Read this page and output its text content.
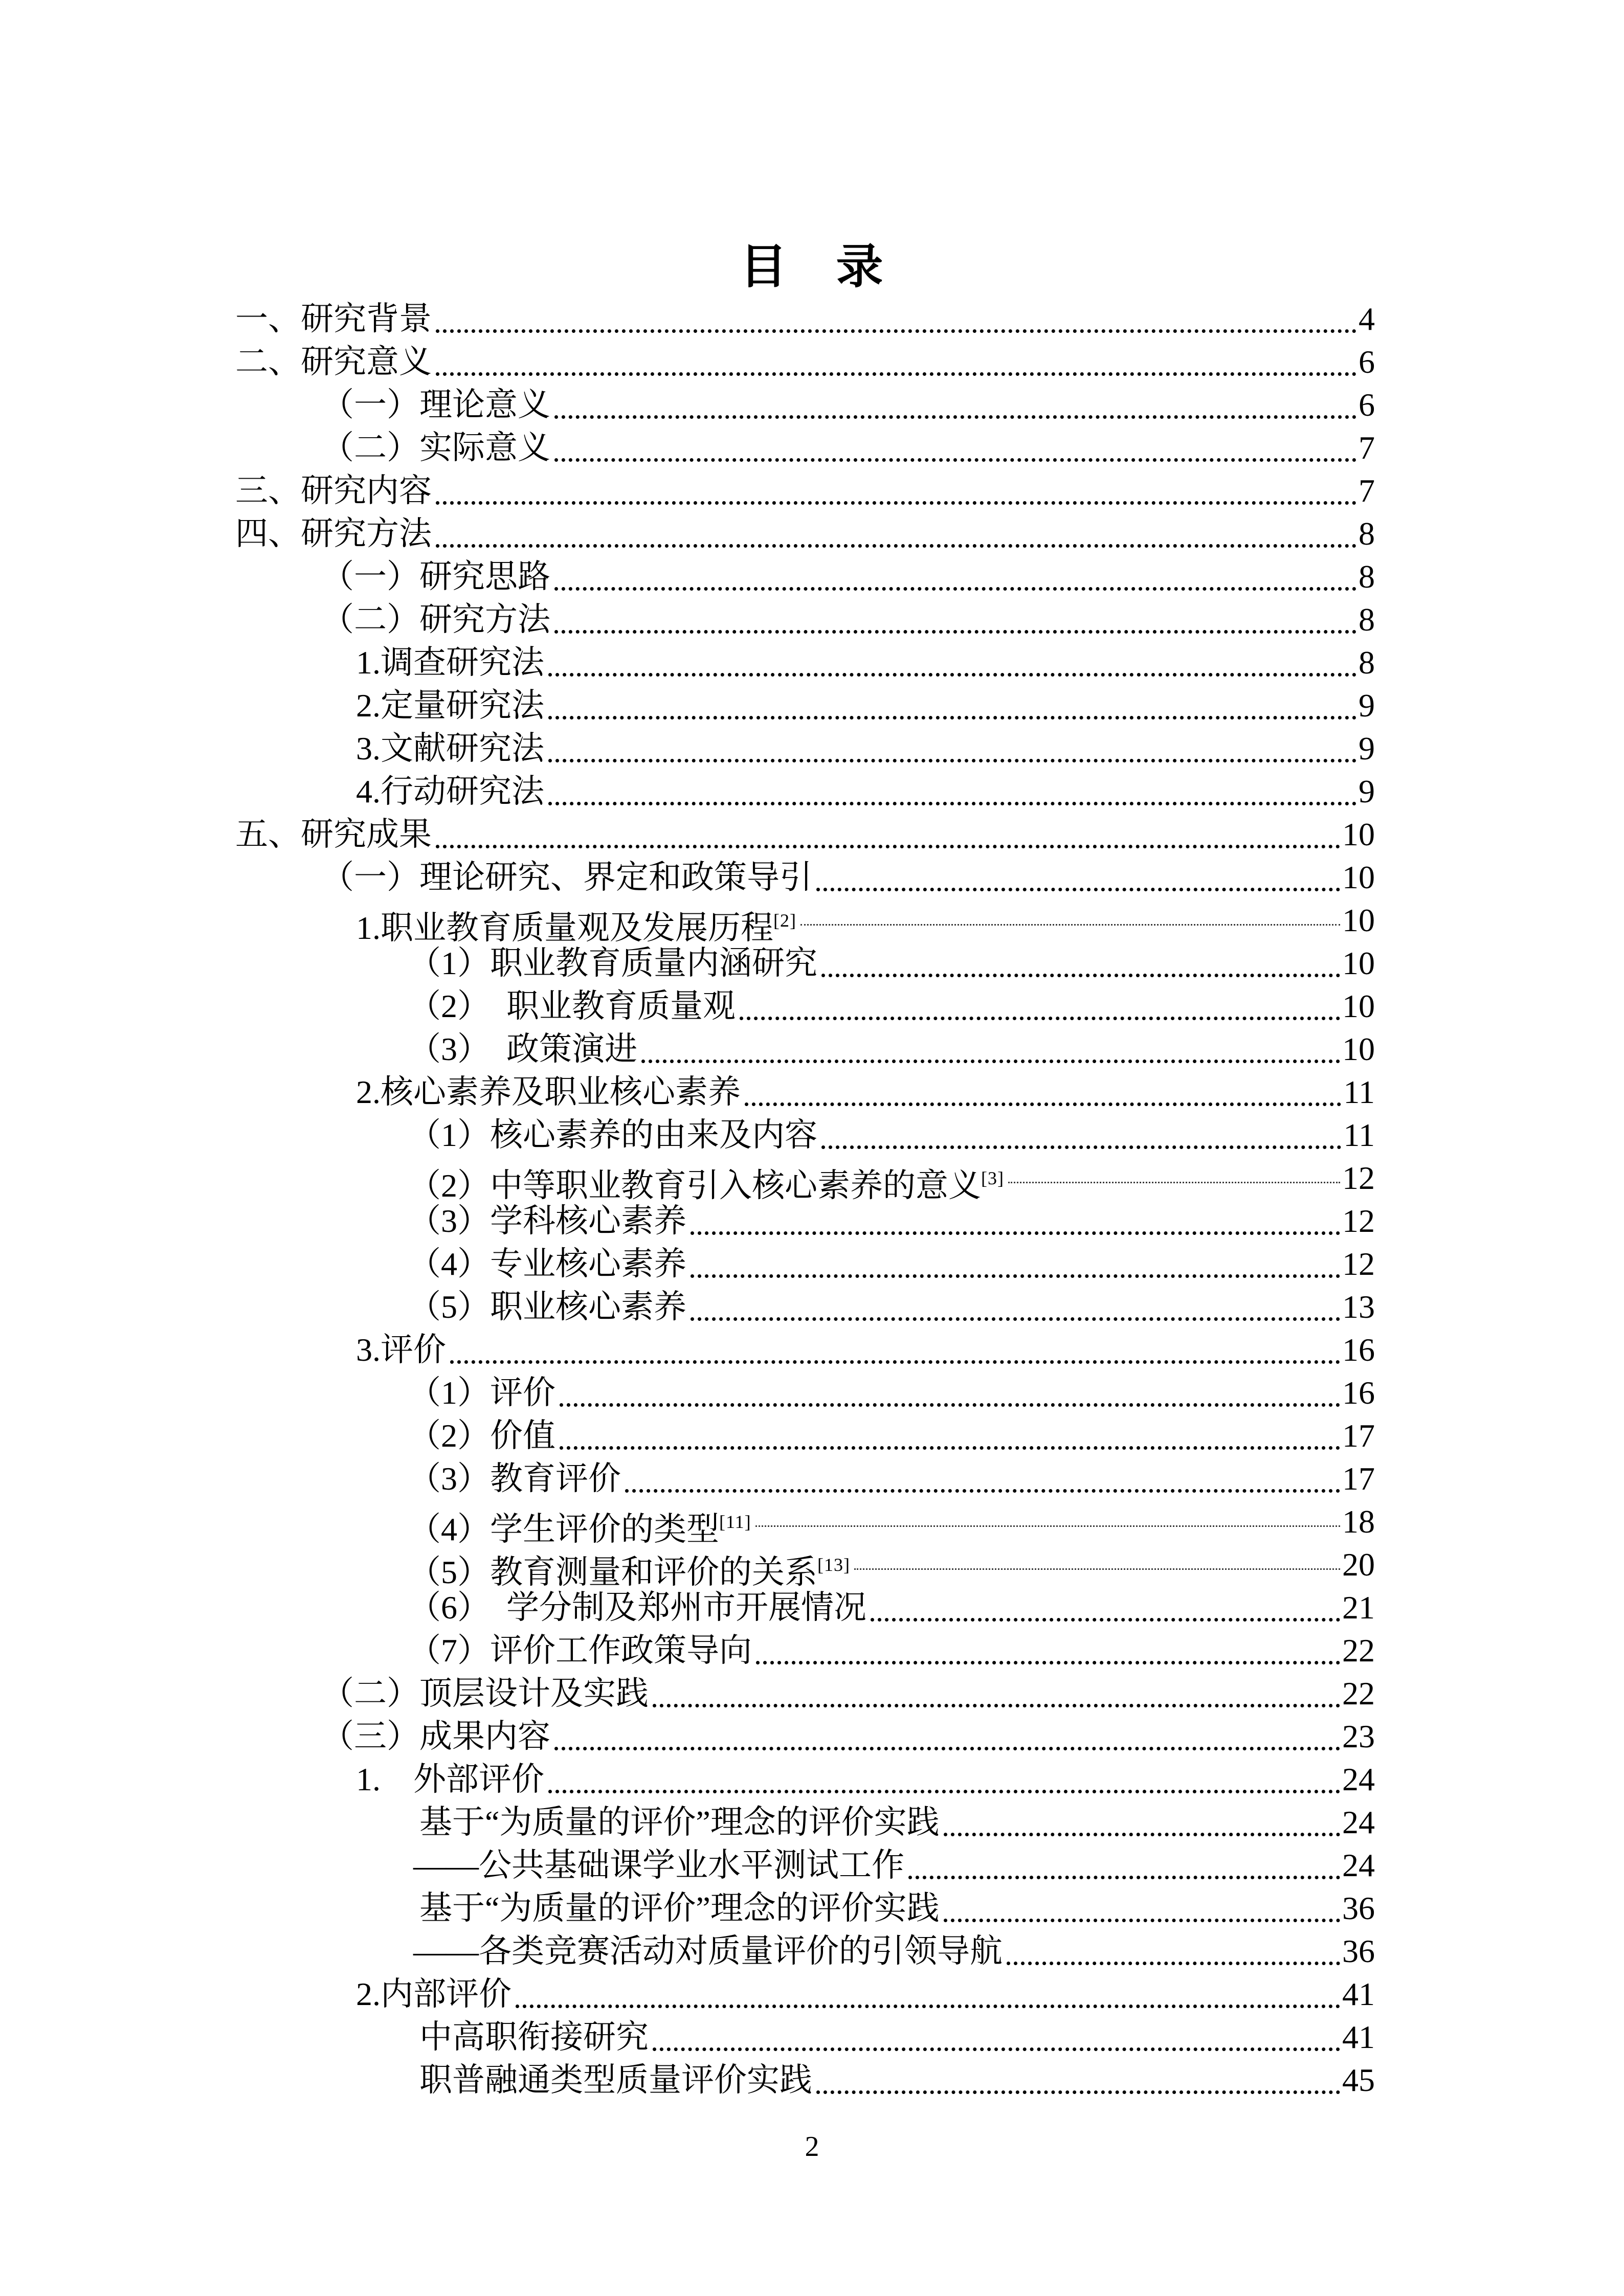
目　录
一、研究背景	4
二、研究意义	6
（一）理论意义	6
（二）实际意义	7
三、研究内容	7
四、研究方法	8
（一）研究思路	8
（二）研究方法	8
1.调查研究法	8
2.定量研究法	9
3.文献研究法	9
4.行动研究法	9
五、研究成果	10
（一）理论研究、界定和政策导引	10
1.职业教育质量观及发展历程[2]	10
（1）职业教育质量内涵研究	10
（2）　职业教育质量观	10
（3）　政策演进	10
2.核心素养及职业核心素养	11
（1）核心素养的由来及内容	11
（2）中等职业教育引入核心素养的意义[3]	12
（3）学科核心素养	12
（4）专业核心素养	12
（5）职业核心素养	13
3.评价	16
（1）评价	16
（2）价值	17
（3）教育评价	17
（4）学生评价的类型[11]	18
（5）教育测量和评价的关系[13]	20
（6）　学分制及郑州市开展情况	21
（7）评价工作政策导向	22
（二）顶层设计及实践	22
（三）成果内容	23
1.　外部评价	24
基于“为质量的评价”理念的评价实践	24
——公共基础课学业水平测试工作	24
基于“为质量的评价”理念的评价实践	36
——各类竞赛活动对质量评价的引领导航	36
2.内部评价	41
中高职衔接研究	41
职普融通类型质量评价实践	45
2
